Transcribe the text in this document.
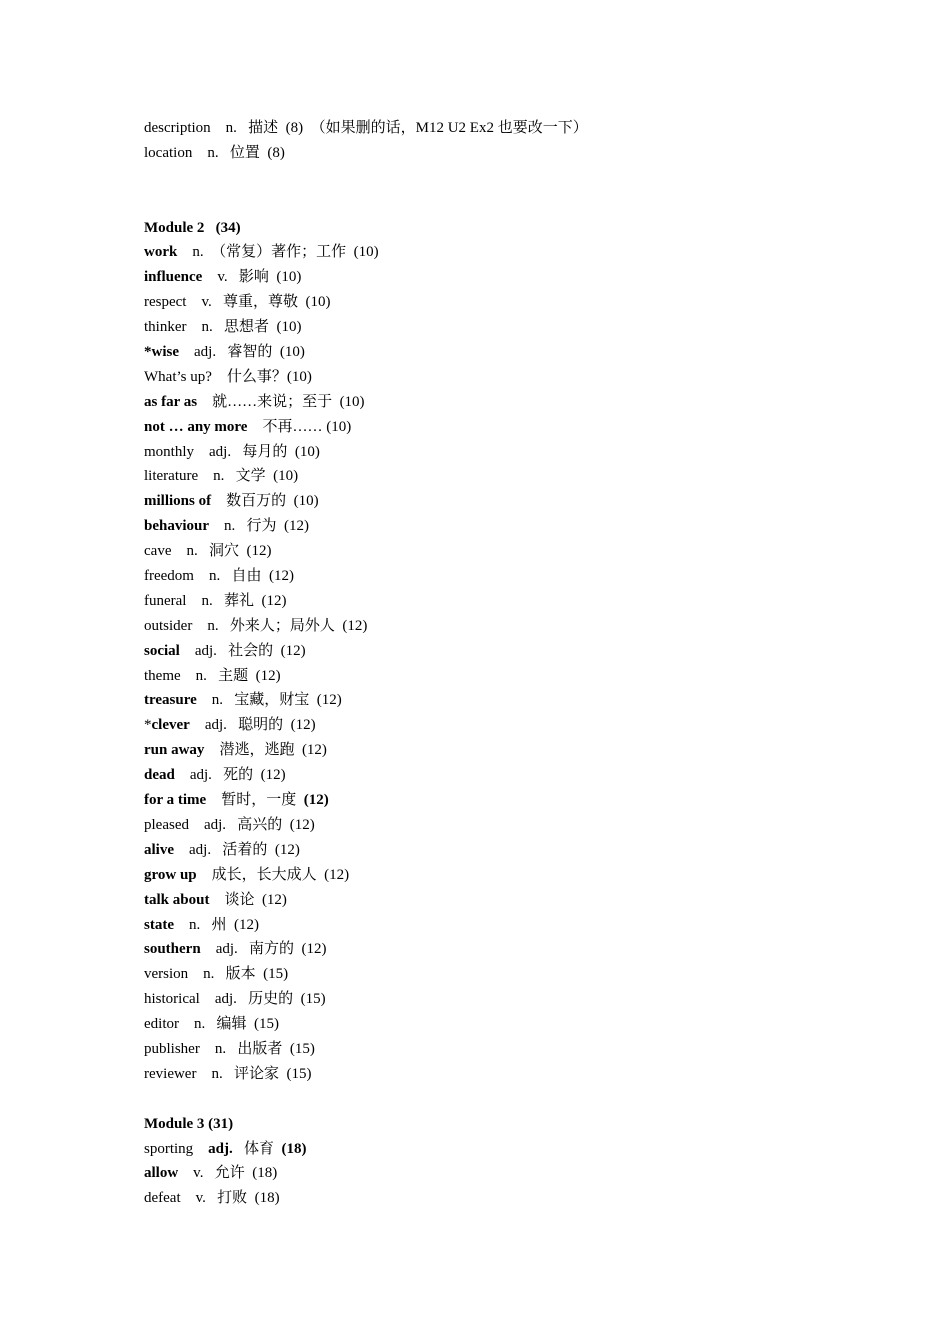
description    n.   描述  (8)  （如果删的话，M12 U2 Ex2 也要改一下）
location    n.   位置  (8)
Module 2   (34)
work    n.  （常复）著作；工作  (10)
influence    v.   影响  (10)
respect    v.   尊重，尊敬  (10)
thinker    n.   思想者  (10)
*wise    adj.   睿智的  (10)
What’s up?    什么事？(10)
as far as    就……来说；至于  (10)
not … any more    不再…… (10)
monthly    adj.   每月的  (10)
literature    n.   文学  (10)
millions of    数百万的  (10)
behaviour    n.   行为  (12)
cave    n.   洞穴  (12)
freedom    n.   自由  (12)
funeral    n.   葬礼  (12)
outsider    n.   外来人；局外人  (12)
social    adj.   社会的  (12)
theme    n.   主题  (12)
treasure    n.   宝藏，财宝  (12)
*clever    adj.   聪明的  (12)
run away    潜逃，逃跑  (12)
dead    adj.   死的  (12)
for a time    暂时，一度  (12)
pleased    adj.   高兴的  (12)
alive    adj.   活着的  (12)
grow up    成长，长大成人  (12)
talk about    谈论  (12)
state    n.   州  (12)
southern    adj.   南方的  (12)
version    n.   版本  (15)
historical    adj.   历史的  (15)
editor    n.   编辑  (15)
publisher    n.   出版者  (15)
reviewer    n.   评论家  (15)
Module 3 (31)
sporting    adj.   体育  (18)
allow    v.   允许  (18)
defeat    v.   打败  (18)
